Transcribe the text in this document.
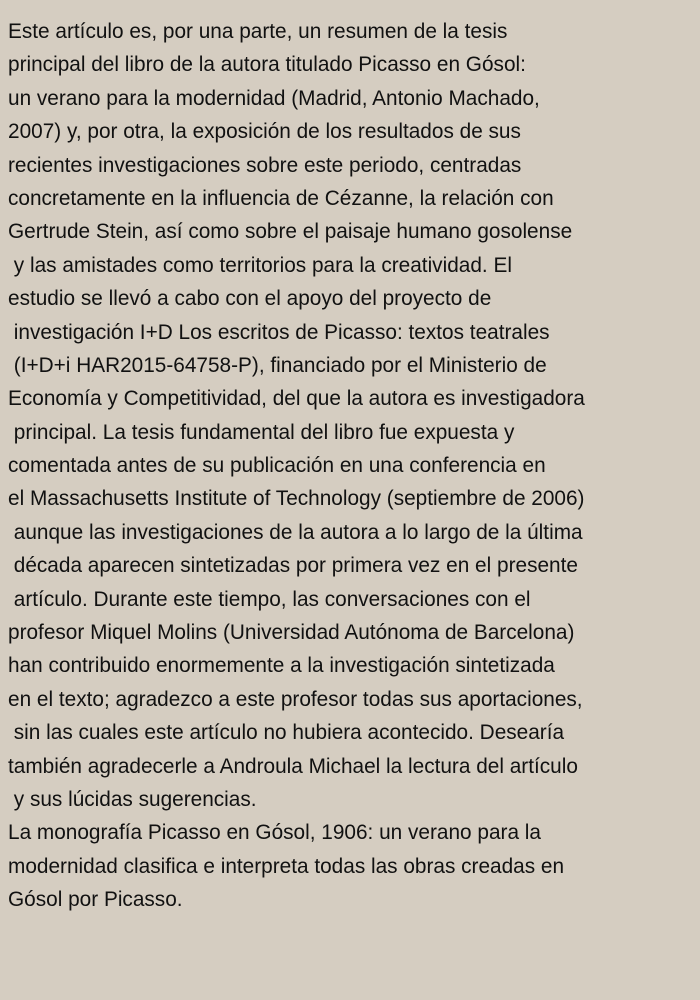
Este artículo es, por una parte, un resumen de la tesis
principal del libro de la autora titulado Picasso en Gósol:
un verano para la modernidad (Madrid, Antonio Machado,
2007) y, por otra, la exposición de los resultados de sus
recientes investigaciones sobre este periodo, centradas
concretamente en la influencia de Cézanne, la relación con
Gertrude Stein, así como sobre el paisaje humano gosolense
y las amistades como territorios para la creatividad. El
estudio se llevó a cabo con el apoyo del proyecto de
investigación I+D Los escritos de Picasso: textos teatrales
(I+D+i HAR2015-64758-P), financiado por el Ministerio de
Economía y Competitividad, del que la autora es investigadora
principal. La tesis fundamental del libro fue expuesta y
comentada antes de su publicación en una conferencia en
el Massachusetts Institute of Technology (septiembre de 2006)
aunque las investigaciones de la autora a lo largo de la última
década aparecen sintetizadas por primera vez en el presente
artículo. Durante este tiempo, las conversaciones con el
profesor Miquel Molins (Universidad Autónoma de Barcelona)
han contribuido enormemente a la investigación sintetizada
en el texto; agradezco a este profesor todas sus aportaciones,
sin las cuales este artículo no hubiera acontecido. Desearía
también agradecerle a Androula Michael la lectura del artículo
y sus lúcidas sugerencias.
La monografía Picasso en Gósol, 1906: un verano para la
modernidad clasifica e interpreta todas las obras creadas en
Gósol por Picasso.
